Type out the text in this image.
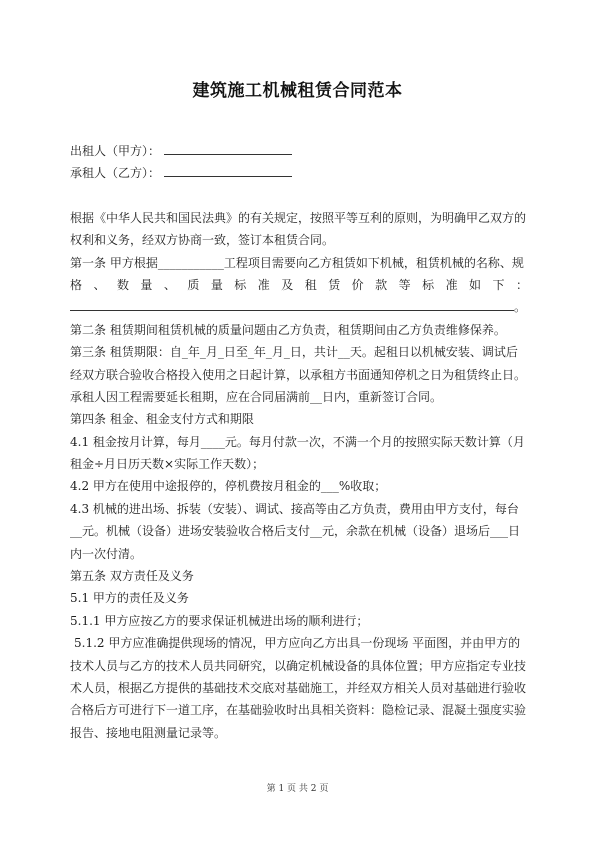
建筑施工机械租赁合同范本
出租人（甲方）：
承租人（乙方）：
根据《中华人民共和国民法典》的有关规定，按照平等互利的原则，为明确甲乙双方的
权利和义务，经双方协商一致，签订本租赁合同。
第一条 甲方根据___________工程项目需要向乙方租赁如下机械，租赁机械的名称、规
格、数量、质量标准及租赁价款等标准如下：
。
第二条 租赁期间租赁机械的质量问题由乙方负责，租赁期间由乙方负责维修保养。
第三条 租赁期限：自_年_月_日至_年_月_日，共计__天。起租日以机械安装、调试后
经双方联合验收合格投入使用之日起计算，以承租方书面通知停机之日为租赁终止日。
承租人因工程需要延长租期，应在合同届满前__日内，重新签订合同。
第四条 租金、租金支付方式和期限
4.1 租金按月计算，每月____元。每月付款一次，不满一个月的按照实际天数计算（月
租金÷月日历天数×实际工作天数）；
4.2 甲方在使用中途报停的，停机费按月租金的___%收取；
4.3 机械的进出场、拆装（安装）、调试、接高等由乙方负责，费用由甲方支付，每台
__元。机械（设备）进场安装验收合格后支付__元，余款在机械（设备）退场后___日
内一次付清。
第五条 双方责任及义务
5.1 甲方的责任及义务
5.1.1 甲方应按乙方的要求保证机械进出场的顺利进行；
5.1.2 甲方应准确提供现场的情况，甲方应向乙方出具一份现场 平面图，并由甲方的
技术人员与乙方的技术人员共同研究，以确定机械设备的具体位置；甲方应指定专业技
术人员，根据乙方提供的基础技术交底对基础施工，并经双方相关人员对基础进行验收
合格后方可进行下一道工序，在基础验收时出具相关资料：隐检记录、混凝土强度实验
报告、接地电阻测量记录等。
第 1 页 共 2 页
